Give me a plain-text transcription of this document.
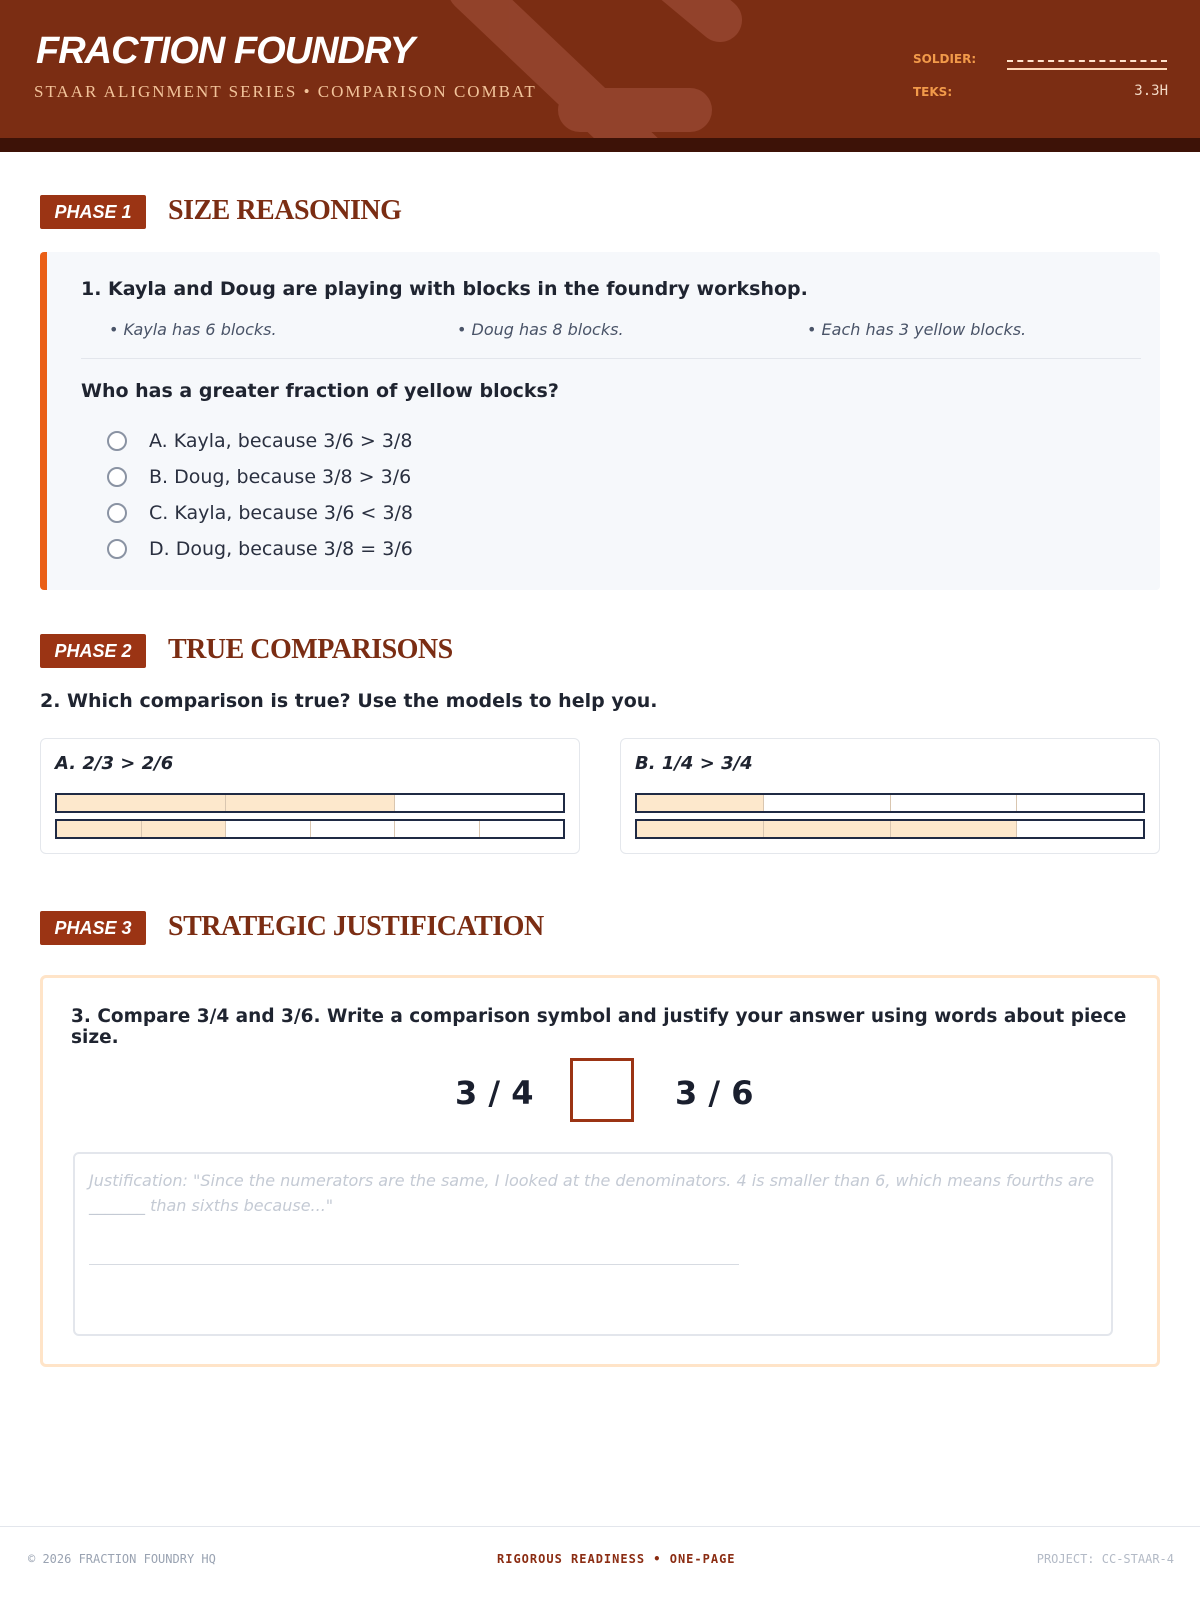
FRACTION FOUNDRY
STAAR ALIGNMENT SERIES • COMPARISON COMBAT
SOLDIER:
TEKS:	3.3H
PHASE 1	SIZE REASONING
1. Kayla and Doug are playing with blocks in the foundry workshop.
• Kayla has 6 blocks.	• Doug has 8 blocks.	• Each has 3 yellow blocks.
Who has a greater fraction of yellow blocks?
A. Kayla, because 3/6 > 3/8
B. Doug, because 3/8 > 3/6
C. Kayla, because 3/6 < 3/8
D. Doug, because 3/8 = 3/6
PHASE 2	TRUE COMPARISONS
2. Which comparison is true? Use the models to help you.
A. 2/3 > 2/6	B. 1/4 > 3/4
PHASE 3	STRATEGIC JUSTIFICATION
3. Compare 3/4 and 3/6. Write a comparison symbol and justify your answer using words about piece size.
3 / 4	3 / 6
Justification: "Since the numerators are the same, I looked at the denominators. 4 is smaller than 6, which means fourths are _______ than sixths because..."
© 2026 FRACTION FOUNDRY HQ	RIGOROUS READINESS • ONE-PAGE	PROJECT: CC-STAAR-4
